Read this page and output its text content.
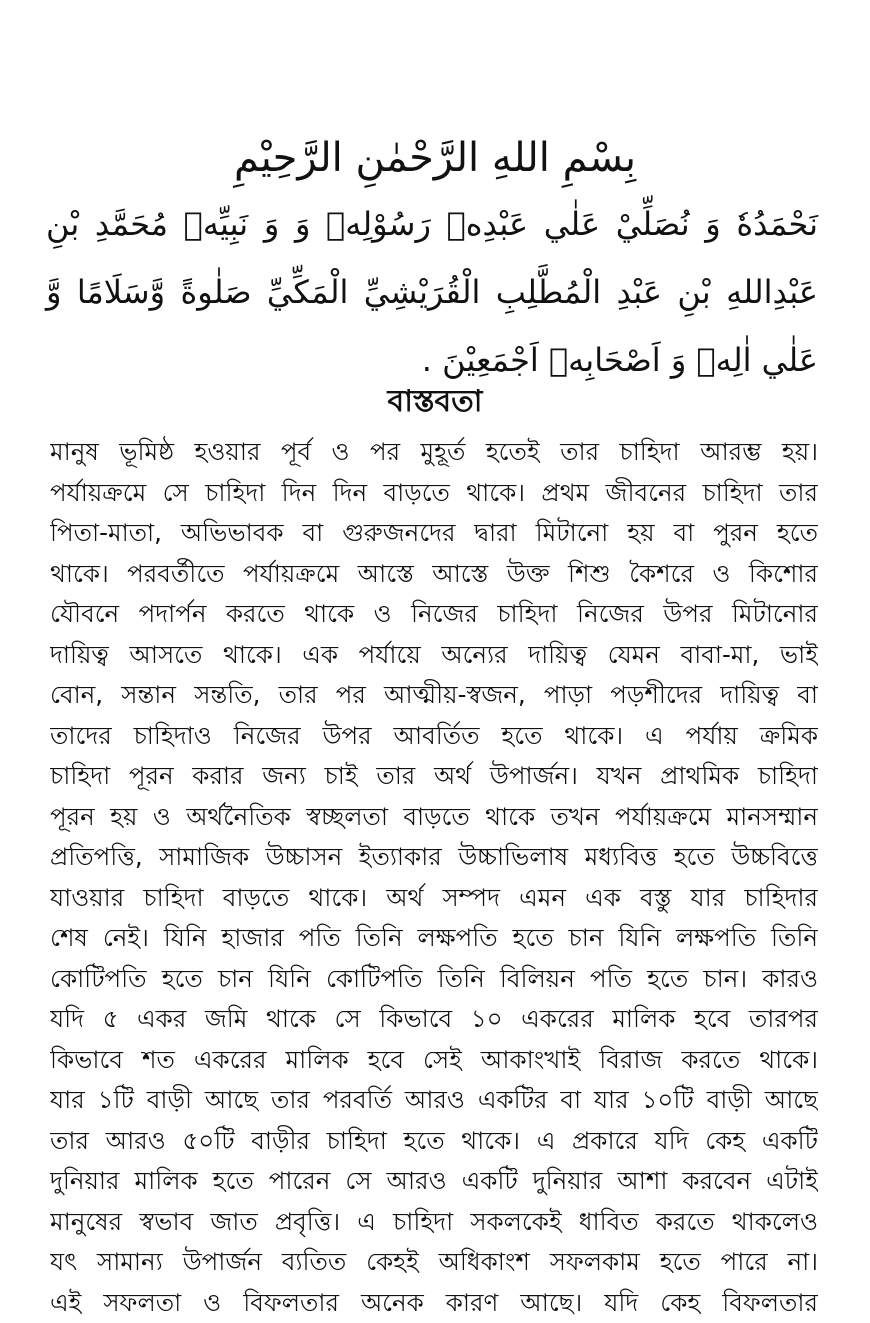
بِسْمِ اللهِ الرَّحْمٰنِ الرَّحِيْمِ
نَحْمَدُهٗ وَ نُصَلِّيْ عَلٰي عَبْدِهٖ رَسُوْلِهٖ وَ وَ نَبِيِّهٖ مُحَمَّدِ بْنِ عَبْدِاللهِ بْنِ عَبْدِ الْمُطَّلِبِ الْقُرَيْشِيِّ الْمَكِّيِّ صَلٰوةً وَّسَلَامًا وَّ عَلٰي اٰلِهٖ وَ اَصْحَابِهٖ اَجْمَعِيْنَ .
বাস্তবতা
মানুষ ভূমিষ্ঠ হওয়ার পূর্ব ও পর মুহূর্ত হতেই তার চাহিদা আরম্ভ হয়।
পর্যায়ক্রমে সে চাহিদা দিন দিন বাড়তে থাকে। প্রথম জীবনের চাহিদা তার
পিতা-মাতা, অভিভাবক বা গুরুজনদের দ্বারা মিটানো হয় বা পুরন হতে
থাকে। পরবর্তীতে পর্যায়ক্রমে আস্তে আস্তে উক্ত শিশু কৈশরে ও কিশোর
যৌবনে পদার্পন করতে থাকে ও নিজের চাহিদা নিজের উপর মিটানোর
দায়িত্ব আসতে থাকে। এক পর্যায়ে অন্যের দায়িত্ব যেমন বাবা-মা, ভাই
বোন, সন্তান সন্ততি, তার পর আত্মীয়-স্বজন, পাড়া পড়শীদের দায়িত্ব বা
তাদের চাহিদাও নিজের উপর আবর্তিত হতে থাকে। এ পর্যায় ক্রমিক
চাহিদা পূরন করার জন্য চাই তার অর্থ উপার্জন। যখন প্রাথমিক চাহিদা
পূরন হয় ও অর্থনৈতিক স্বচ্ছলতা বাড়তে থাকে তখন পর্যায়ক্রমে মানসম্মান
প্রতিপত্তি, সামাজিক উচ্চাসন ইত্যাকার উচ্চাভিলাষ মধ্যবিত্ত হতে উচ্চবিত্তে
যাওয়ার চাহিদা বাড়তে থাকে। অর্থ সম্পদ এমন এক বস্তু যার চাহিদার
শেষ নেই। যিনি হাজার পতি তিনি লক্ষপতি হতে চান যিনি লক্ষপতি তিনি
কোটিপতি হতে চান যিনি কোটিপতি তিনি বিলিয়ন পতি হতে চান। কারও
যদি ৫ একর জমি থাকে সে কিভাবে ১০ একরের মালিক হবে তারপর
কিভাবে শত একরের মালিক হবে সেই আকাংখাই বিরাজ করতে থাকে।
যার ১টি বাড়ী আছে তার পরবর্তি আরও একটির বা যার ১০টি বাড়ী আছে
তার আরও ৫০টি বাড়ীর চাহিদা হতে থাকে। এ প্রকারে যদি কেহ একটি
দুনিয়ার মালিক হতে পারেন সে আরও একটি দুনিয়ার আশা করবেন এটাই
মানুষের স্বভাব জাত প্রবৃত্তি। এ চাহিদা সকলকেই ধাবিত করতে থাকলেও
যৎ সামান্য উপার্জন ব্যতিত কেহই অধিকাংশ সফলকাম হতে পারে না।
এই সফলতা ও বিফলতার অনেক কারণ আছে। যদি কেহ বিফলতার
